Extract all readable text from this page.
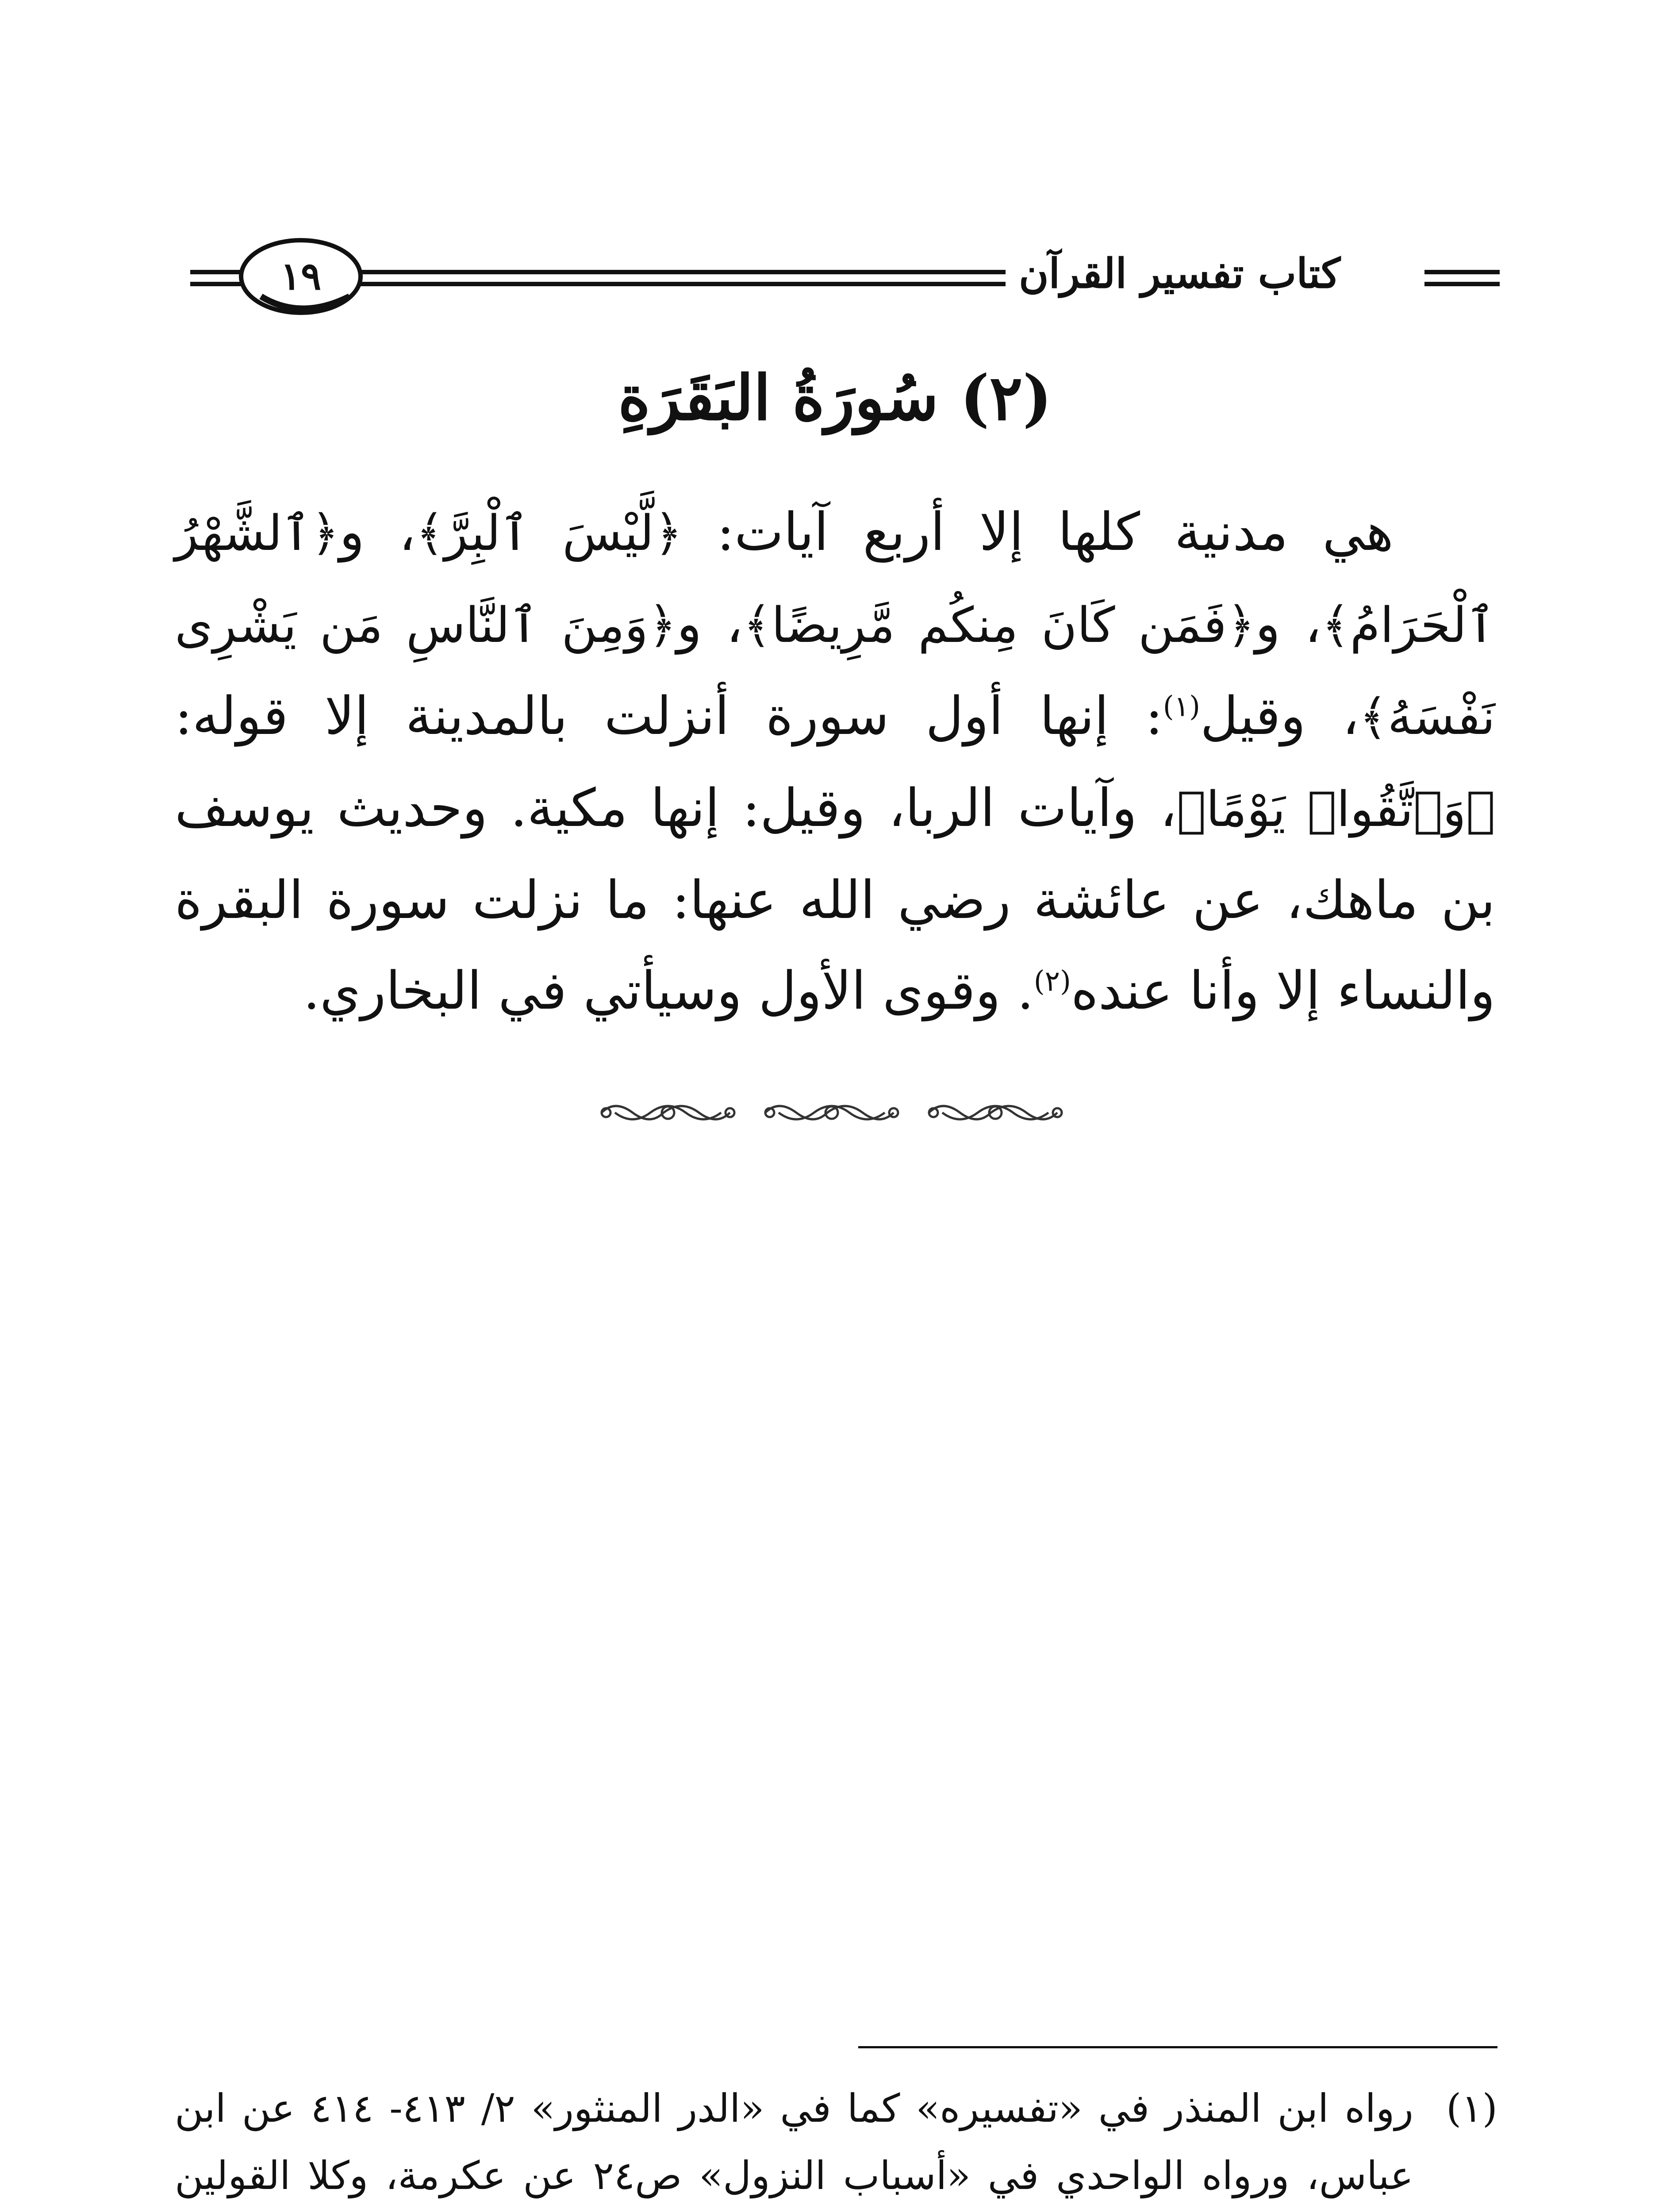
١٩	كتاب تفسير القرآن
(٢) سُورَةُ البَقَرَةِ

هي مدنية كلها إلا أربع آيات: ﴿لَّيْسَ ٱلْبِرَّ﴾، و﴿ٱلشَّهْرُ ٱلْحَرَامُ﴾، و﴿فَمَن كَانَ مِنكُم مَّرِيضًا﴾، و﴿وَمِنَ ٱلنَّاسِ مَن يَشْرِى نَفْسَهُ﴾، وقيل$^{(١)}$: إنها أول سورة أنزلت بالمدينة إلا قوله: ﴿وَٱتَّقُوا۟ يَوْمًا﴾، وآيات الربا، وقيل: إنها مكية. وحديث يوسف بن ماهك، عن عائشة رضي الله عنها: ما نزلت سورة البقرة والنساء إلا وأنا عنده$^{(٢)}$. وقوى الأول وسيأتي في البخاري.

(١)
رواه ابن المنذر في «تفسيره» كما في «الدر المنثور» ٢/ ٤١٣- ٤١٤ عن ابن عباس، ورواه الواحدي في «أسباب النزول» ص٢٤ عن عكرمة، وكلا القولين
